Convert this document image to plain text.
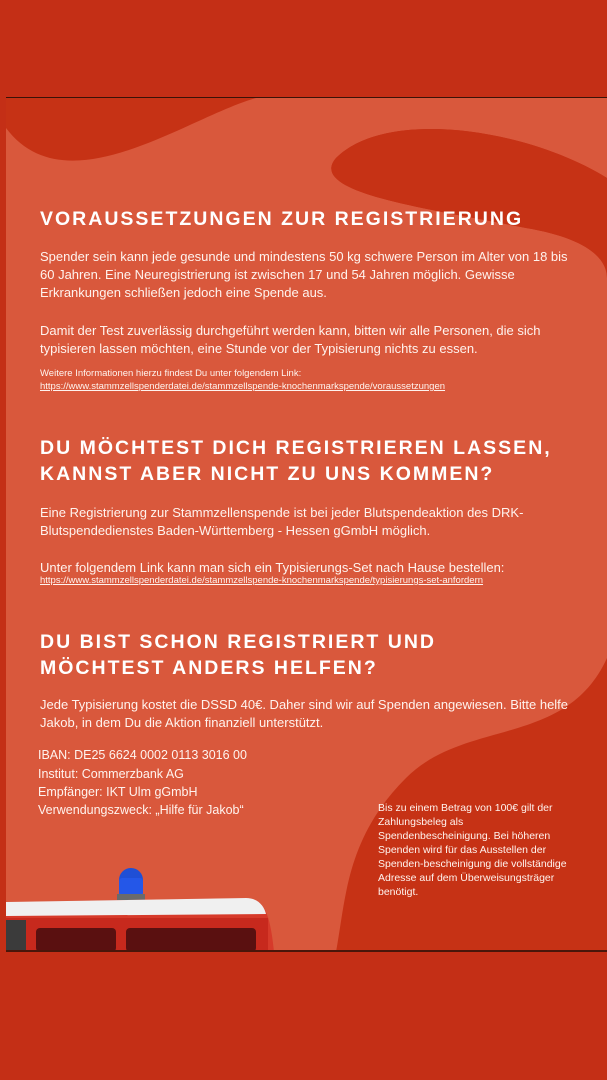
VORAUSSETZUNGEN ZUR REGISTRIERUNG

Spender sein kann jede gesunde und mindestens 50 kg schwere Person im Alter von 18 bis 60 Jahren. Eine Neuregistrierung ist zwischen 17 und 54 Jahren möglich. Gewisse Erkrankungen schließen jedoch eine Spende aus.

Damit der Test zuverlässig durchgeführt werden kann, bitten wir alle Personen, die sich typisieren lassen möchten, eine Stunde vor der Typisierung nichts zu essen.

Weitere Informationen hierzu findest Du unter folgendem Link:
https://www.stammzellspenderdatei.de/stammzellspende-knochenmarkspende/voraussetzungen
DU MÖCHTEST DICH REGISTRIEREN LASSEN,
KANNST ABER NICHT ZU UNS KOMMEN?

Eine Registrierung zur Stammzellenspende ist bei jeder Blutspendeaktion des DRK-Blutspendedienstes Baden-Württemberg - Hessen gGmbH möglich.

Unter folgendem Link kann man sich ein Typisierungs-Set nach Hause bestellen:

https://www.stammzellspenderdatei.de/stammzellspende-knochenmarkspende/typisierungs-set-anfordern
DU BIST SCHON REGISTRIERT UND
MÖCHTEST ANDERS HELFEN?

Jede Typisierung kostet die DSSD 40€. Daher sind wir auf Spenden angewiesen. Bitte helfe Jakob, in dem Du die Aktion finanziell unterstützt.

IBAN: DE25 6624 0002 0113 3016 00
Institut: Commerzbank AG
Empfänger: IKT Ulm gGmbH
Verwendungszweck: „Hilfe für Jakob“	Bis zu einem Betrag von 100€ gilt der Zahlungsbeleg als Spendenbescheinigung. Bei höheren Spenden wird für das Ausstellen der Spenden-bescheinigung die vollständige Adresse auf dem Überweisungsträger benötigt.
